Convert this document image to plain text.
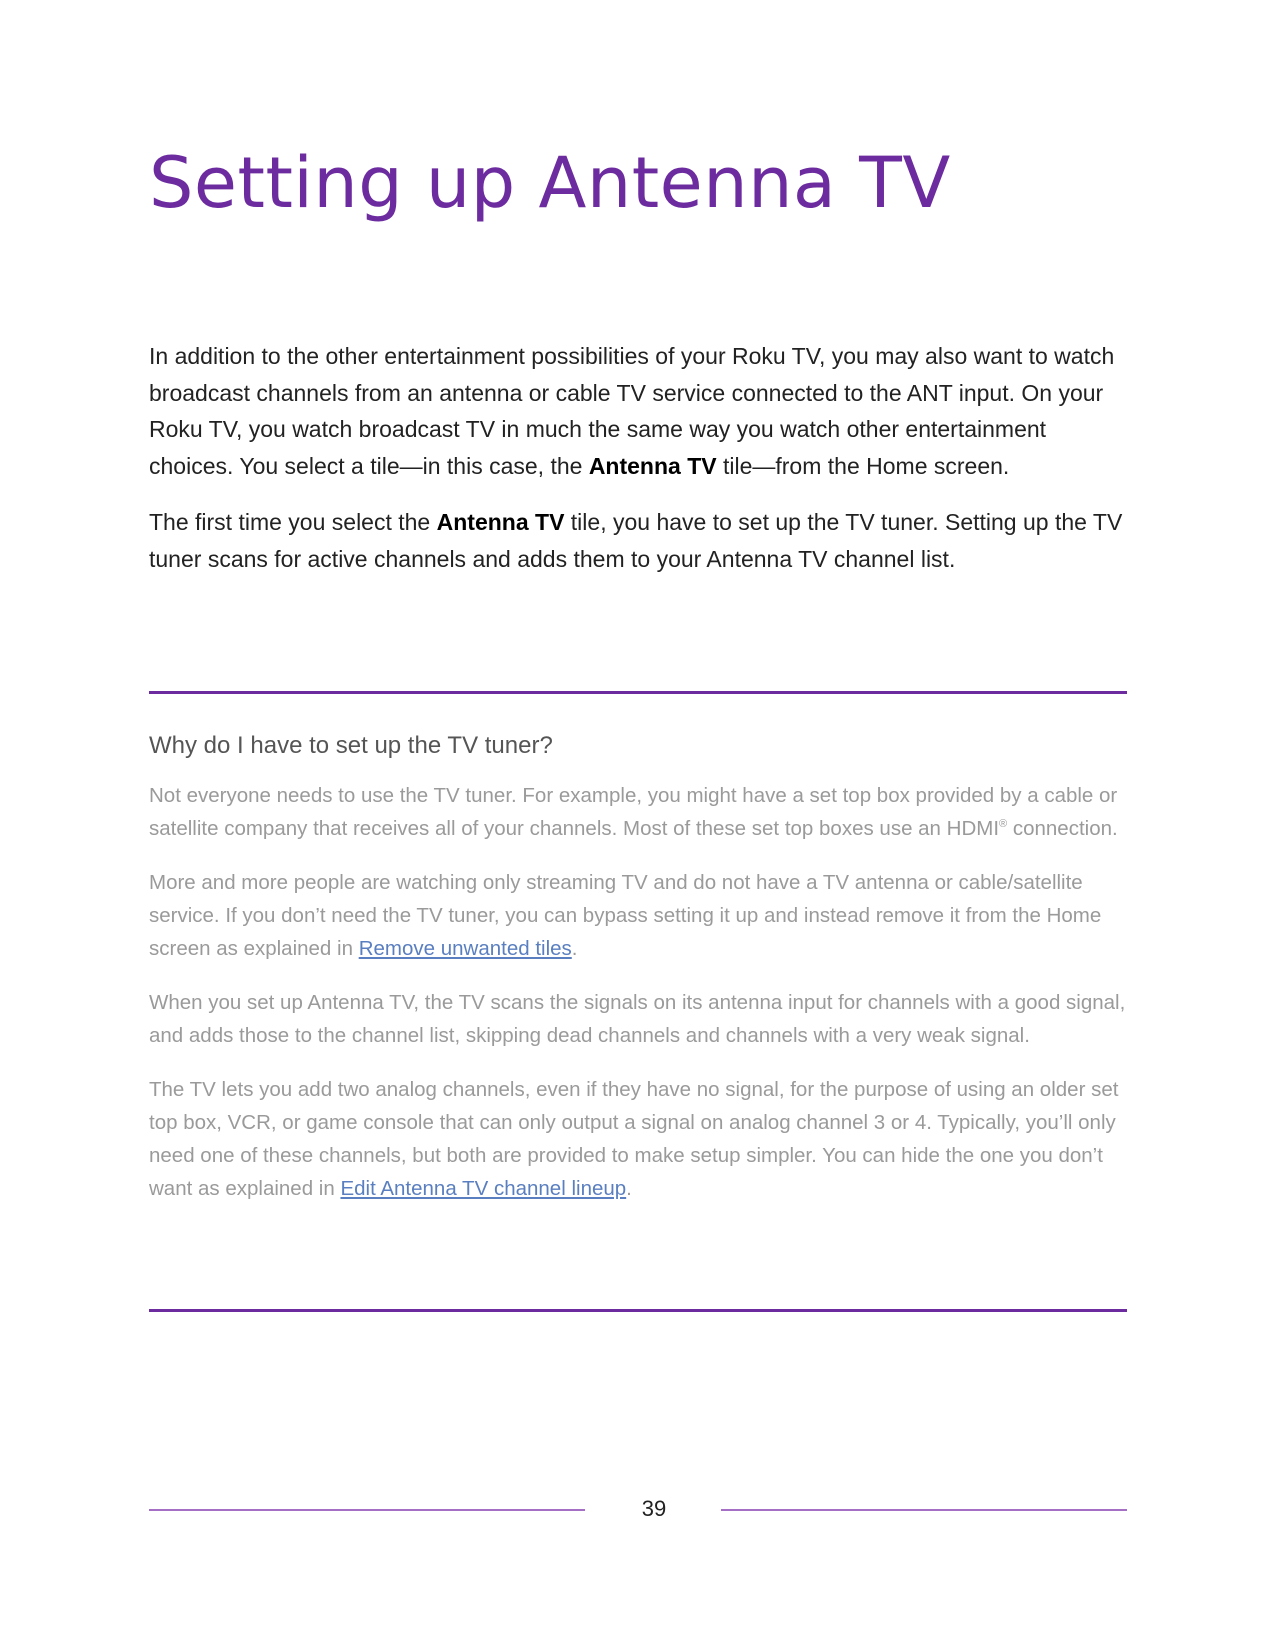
Setting up Antenna TV

In addition to the other entertainment possibilities of your Roku TV, you may also want to watch broadcast channels from an antenna or cable TV service connected to the ANT input. On your Roku TV, you watch broadcast TV in much the same way you watch other entertainment choices. You select a tile—in this case, the Antenna TV tile—from the Home screen.

The first time you select the Antenna TV tile, you have to set up the TV tuner. Setting up the TV tuner scans for active channels and adds them to your Antenna TV channel list.

Why do I have to set up the TV tuner?

Not everyone needs to use the TV tuner. For example, you might have a set top box provided by a cable or satellite company that receives all of your channels. Most of these set top boxes use an HDMI® connection.

More and more people are watching only streaming TV and do not have a TV antenna or cable/satellite service. If you don’t need the TV tuner, you can bypass setting it up and instead remove it from the Home screen as explained in Remove unwanted tiles.

When you set up Antenna TV, the TV scans the signals on its antenna input for channels with a good signal, and adds those to the channel list, skipping dead channels and channels with a very weak signal.

The TV lets you add two analog channels, even if they have no signal, for the purpose of using an older set top box, VCR, or game console that can only output a signal on analog channel 3 or 4. Typically, you’ll only need one of these channels, but both are provided to make setup simpler. You can hide the one you don’t want as explained in Edit Antenna TV channel lineup.

39
